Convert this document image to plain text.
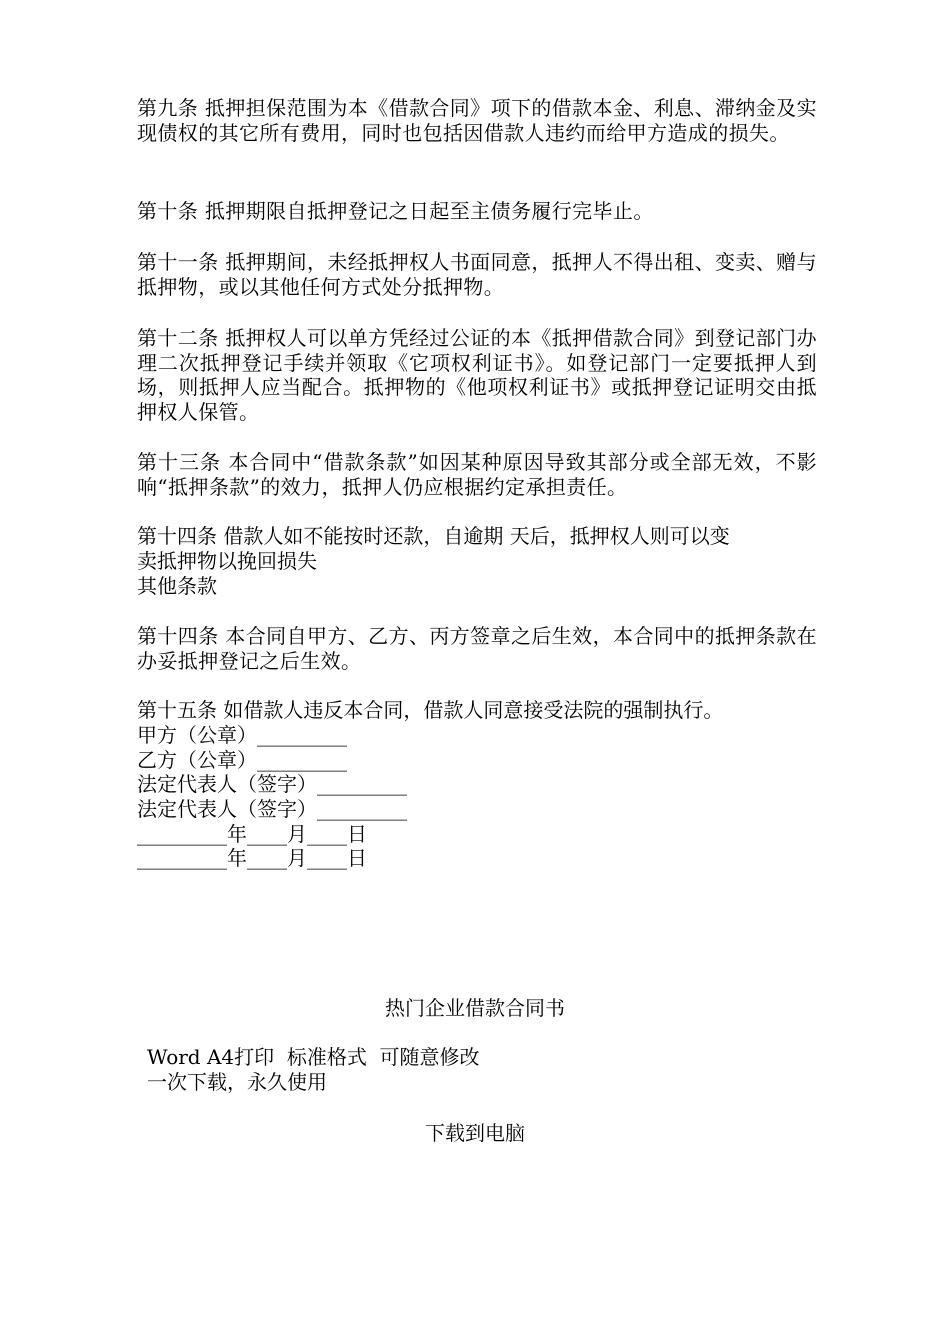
第九条 抵押担保范围为本《借款合同》项下的借款本金、利息、滞纳金及实现债权的其它所有费用，同时也包括因借款人违约而给甲方造成的损失。
第十条 抵押期限自抵押登记之日起至主债务履行完毕止。
第十一条 抵押期间，未经抵押权人书面同意，抵押人不得出租、变卖、赠与抵押物，或以其他任何方式处分抵押物。
第十二条 抵押权人可以单方凭经过公证的本《抵押借款合同》到登记部门办理二次抵押登记手续并领取《它项权利证书》。如登记部门一定要抵押人到场，则抵押人应当配合。抵押物的《他项权利证书》或抵押登记证明交由抵押权人保管。
第十三条 本合同中“借款条款”如因某种原因导致其部分或全部无效，不影响“抵押条款”的效力，抵押人仍应根据约定承担责任。
第十四条 借款人如不能按时还款，自逾期 天后，抵押权人则可以变
卖抵押物以挽回损失
其他条款
第十四条 本合同自甲方、乙方、丙方签章之后生效，本合同中的抵押条款在办妥抵押登记之后生效。
第十五条 如借款人违反本合同，借款人同意接受法院的强制执行。
甲方（公章）_________
乙方（公章）_________
法定代表人（签字）_________
法定代表人（签字）_________
_________年____月____日
_________年____月____日
热门企业借款合同书
Word A4打印  标准格式  可随意修改
一次下载，永久使用
下载到电脑
